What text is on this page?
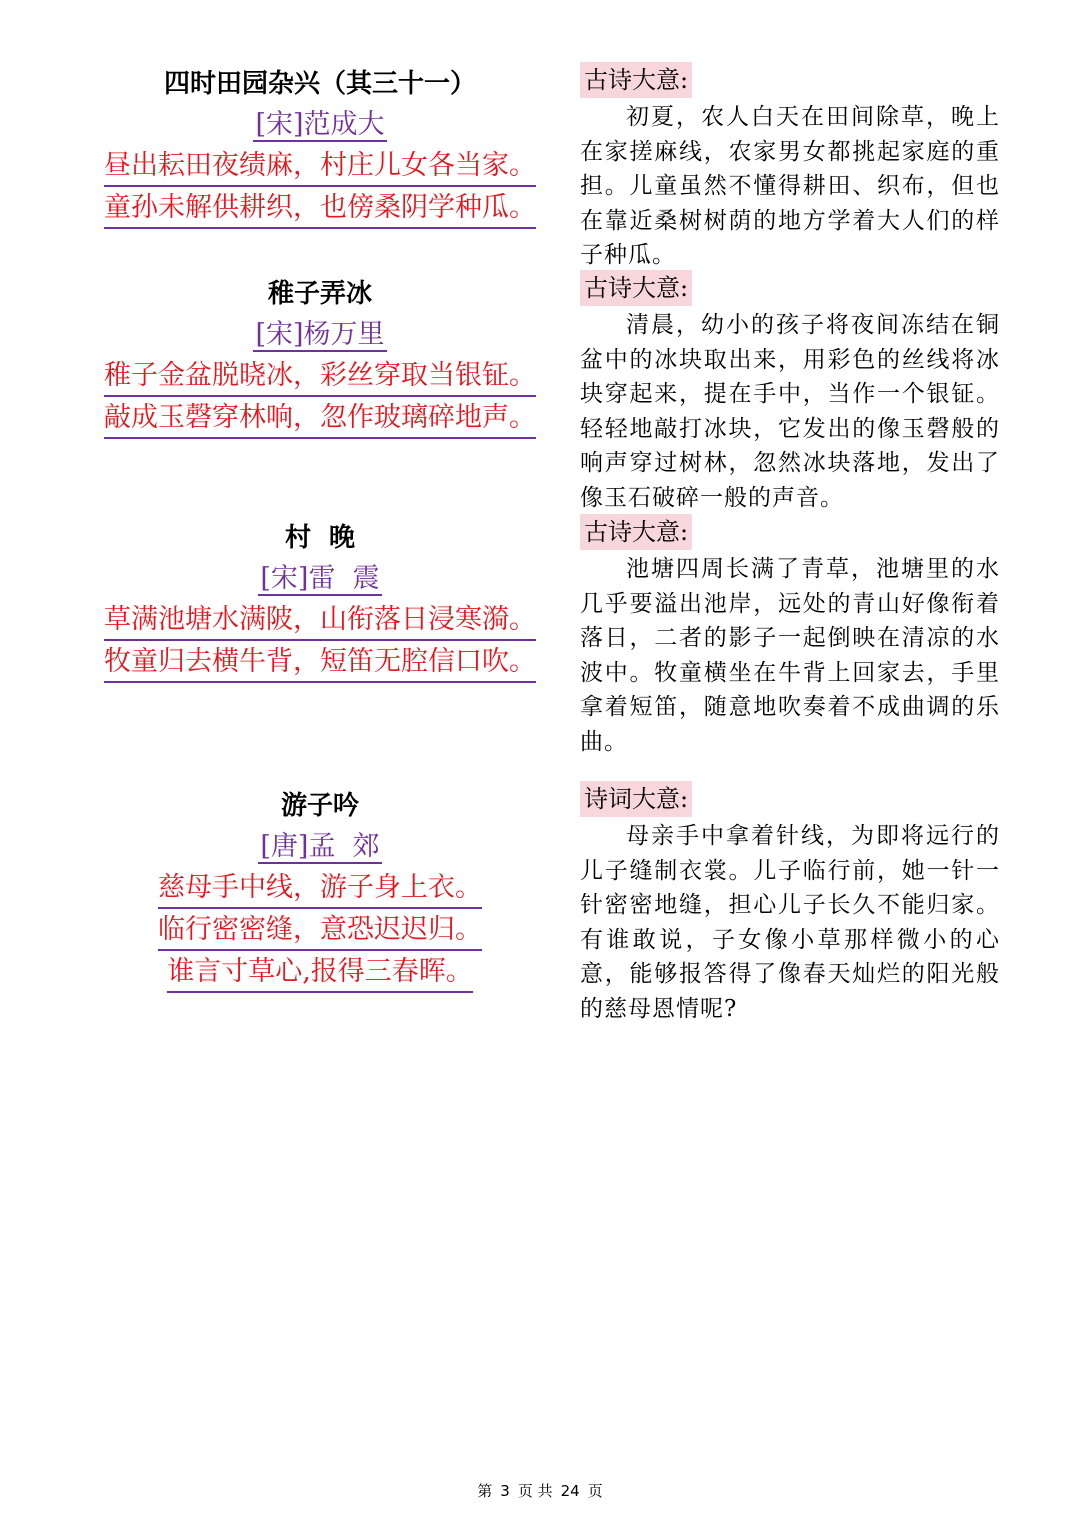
四时田园杂兴（其三十一）
[宋]范成大
昼出耘田夜绩麻，村庄儿女各当家。
童孙未解供耕织，也傍桑阴学种瓜。
古诗大意:

初夏，农人白天在田间除草，晚上在家搓麻线，农家男女都挑起家庭的重担。儿童虽然不懂得耕田、织布，但也在靠近桑树树荫的地方学着大人们的样子种瓜。

稚子弄冰
[宋]杨万里
稚子金盆脱晓冰，彩丝穿取当银钲。
敲成玉磬穿林响，忽作玻璃碎地声。
古诗大意:

清晨，幼小的孩子将夜间冻结在铜盆中的冰块取出来，用彩色的丝线将冰块穿起来，提在手中，当作一个银钲。轻轻地敲打冰块，它发出的像玉磬般的响声穿过树林，忽然冰块落地，发出了像玉石破碎一般的声音。

村  晚
[宋]雷  震
草满池塘水满陂，山衔落日浸寒漪。
牧童归去横牛背，短笛无腔信口吹。
古诗大意:

池塘四周长满了青草，池塘里的水几乎要溢出池岸，远处的青山好像衔着落日，二者的影子一起倒映在清凉的水波中。牧童横坐在牛背上回家去，手里拿着短笛，随意地吹奏着不成曲调的乐曲。

游子吟
[唐]孟  郊
慈母手中线，游子身上衣。
临行密密缝，意恐迟迟归。
谁言寸草心,报得三春晖。
诗词大意:

母亲手中拿着针线，为即将远行的儿子缝制衣裳。儿子临行前，她一针一针密密地缝，担心儿子长久不能归家。有谁敢说，子女像小草那样微小的心意，能够报答得了像春天灿烂的阳光般的慈母恩情呢?

第 3 页 共 24 页
